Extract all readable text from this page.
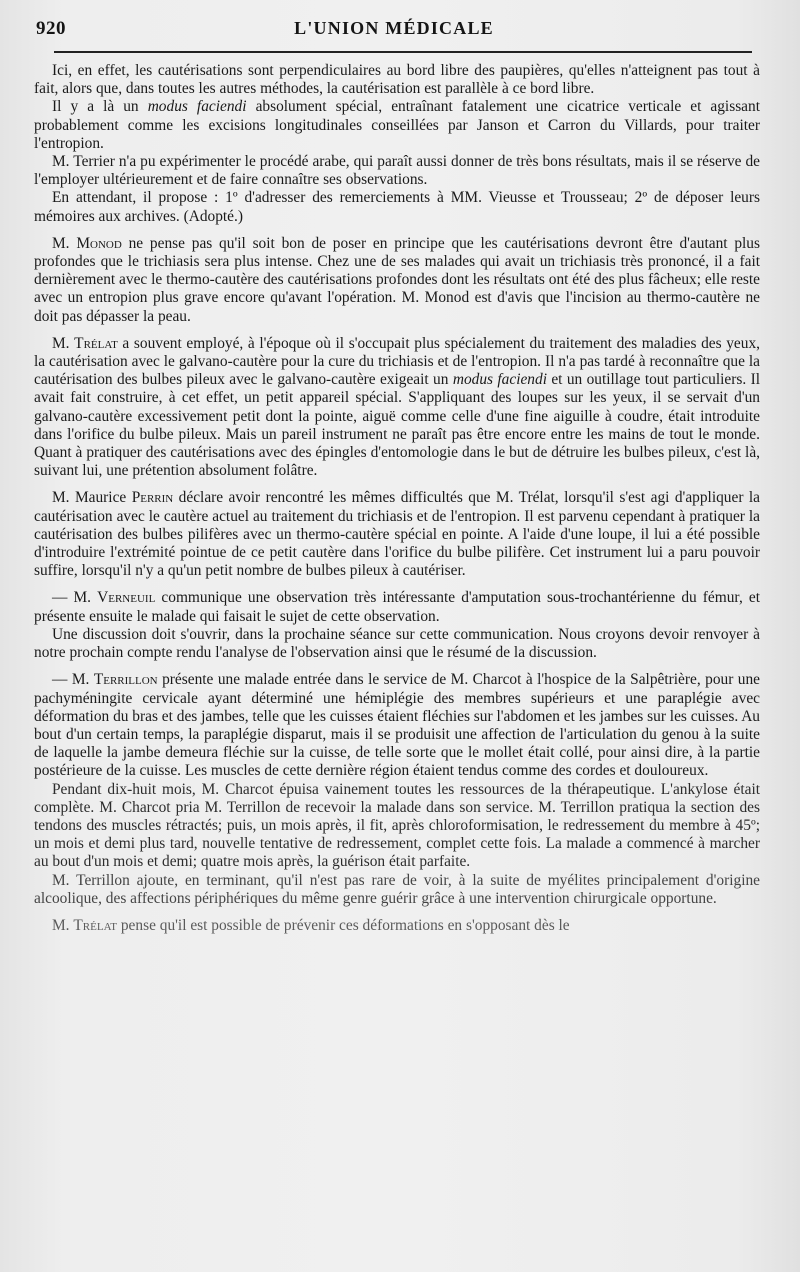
920	L'UNION MÉDICALE

Ici, en effet, les cautérisations sont perpendiculaires au bord libre des paupières, qu'elles n'atteignent pas tout à fait, alors que, dans toutes les autres méthodes, la cautérisation est parallèle à ce bord libre.

Il y a là un modus faciendi absolument spécial, entraînant fatalement une cicatrice verticale et agissant probablement comme les excisions longitudinales conseillées par Janson et Carron du Villards, pour traiter l'entropion.

M. Terrier n'a pu expérimenter le procédé arabe, qui paraît aussi donner de très bons résultats, mais il se réserve de l'employer ultérieurement et de faire connaître ses observations.

En attendant, il propose : 1º d'adresser des remerciements à MM. Vieusse et Trousseau; 2º de déposer leurs mémoires aux archives. (Adopté.)

M. Monod ne pense pas qu'il soit bon de poser en principe que les cautérisations devront être d'autant plus profondes que le trichiasis sera plus intense. Chez une de ses malades qui avait un trichiasis très prononcé, il a fait dernièrement avec le thermo-cautère des cautérisations profondes dont les résultats ont été des plus fâcheux; elle reste avec un entropion plus grave encore qu'avant l'opération. M. Monod est d'avis que l'incision au thermo-cautère ne doit pas dépasser la peau.

M. Trélat a souvent employé, à l'époque où il s'occupait plus spécialement du traitement des maladies des yeux, la cautérisation avec le galvano-cautère pour la cure du trichiasis et de l'entropion. Il n'a pas tardé à reconnaître que la cautérisation des bulbes pileux avec le galvano-cautère exigeait un modus faciendi et un outillage tout particuliers. Il avait fait construire, à cet effet, un petit appareil spécial. S'appliquant des loupes sur les yeux, il se servait d'un galvano-cautère excessivement petit dont la pointe, aiguë comme celle d'une fine aiguille à coudre, était introduite dans l'orifice du bulbe pileux. Mais un pareil instrument ne paraît pas être encore entre les mains de tout le monde. Quant à pratiquer des cautérisations avec des épingles d'entomologie dans le but de détruire les bulbes pileux, c'est là, suivant lui, une prétention absolument folâtre.

M. Maurice Perrin déclare avoir rencontré les mêmes difficultés que M. Trélat, lorsqu'il s'est agi d'appliquer la cautérisation avec le cautère actuel au traitement du trichiasis et de l'entropion. Il est parvenu cependant à pratiquer la cautérisation des bulbes pilifères avec un thermo-cautère spécial en pointe. A l'aide d'une loupe, il lui a été possible d'introduire l'extrémité pointue de ce petit cautère dans l'orifice du bulbe pilifère. Cet instrument lui a paru pouvoir suffire, lorsqu'il n'y a qu'un petit nombre de bulbes pileux à cautériser.

— M. Verneuil communique une observation très intéressante d'amputation sous-trochantérienne du fémur, et présente ensuite le malade qui faisait le sujet de cette observation.

Une discussion doit s'ouvrir, dans la prochaine séance sur cette communication. Nous croyons devoir renvoyer à notre prochain compte rendu l'analyse de l'observation ainsi que le résumé de la discussion.

— M. Terrillon présente une malade entrée dans le service de M. Charcot à l'hospice de la Salpêtrière, pour une pachyméningite cervicale ayant déterminé une hémiplégie des membres supérieurs et une paraplégie avec déformation du bras et des jambes, telle que les cuisses étaient fléchies sur l'abdomen et les jambes sur les cuisses. Au bout d'un certain temps, la paraplégie disparut, mais il se produisit une affection de l'articulation du genou à la suite de laquelle la jambe demeura fléchie sur la cuisse, de telle sorte que le mollet était collé, pour ainsi dire, à la partie postérieure de la cuisse. Les muscles de cette dernière région étaient tendus comme des cordes et douloureux.

Pendant dix-huit mois, M. Charcot épuisa vainement toutes les ressources de la thérapeutique. L'ankylose était complète. M. Charcot pria M. Terrillon de recevoir la malade dans son service. M. Terrillon pratiqua la section des tendons des muscles rétractés; puis, un mois après, il fit, après chloroformisation, le redressement du membre à 45º; un mois et demi plus tard, nouvelle tentative de redressement, complet cette fois. La malade a commencé à marcher au bout d'un mois et demi; quatre mois après, la guérison était parfaite.

M. Terrillon ajoute, en terminant, qu'il n'est pas rare de voir, à la suite de myélites principalement d'origine alcoolique, des affections périphériques du même genre guérir grâce à une intervention chirurgicale opportune.

M. Trélat pense qu'il est possible de prévenir ces déformations en s'opposant dès le
